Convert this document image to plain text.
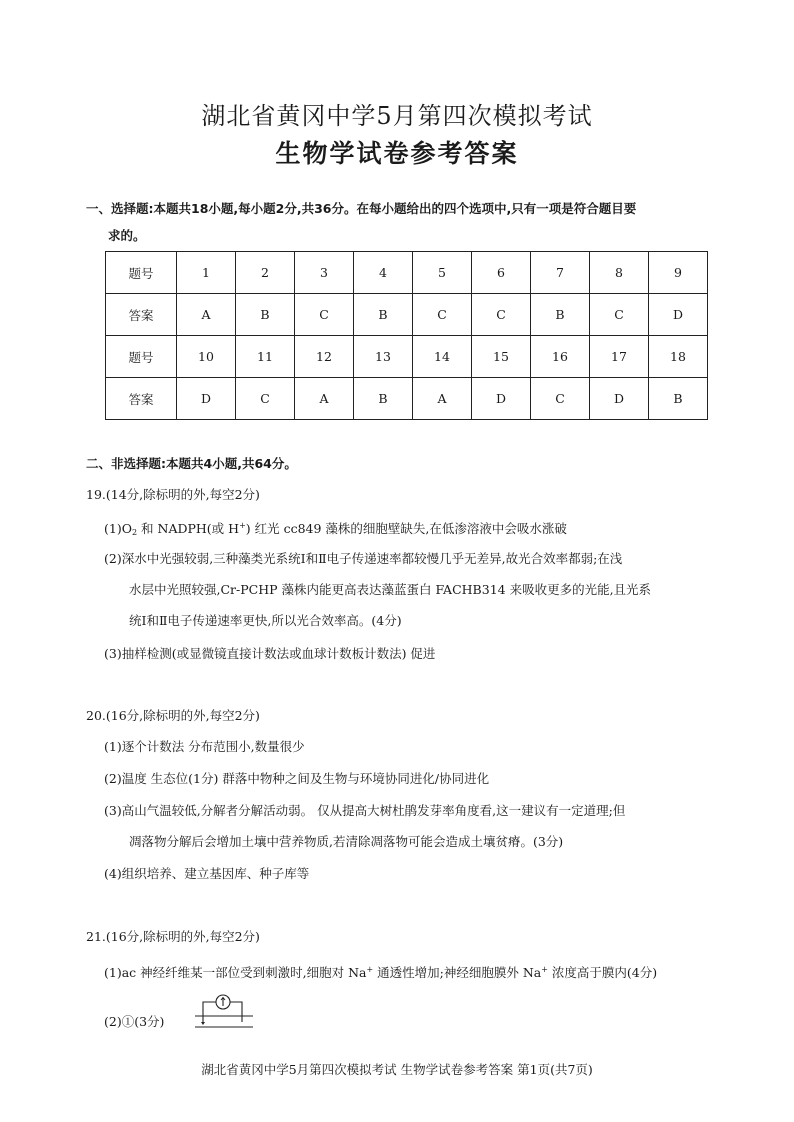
湖北省黄冈中学5月第四次模拟考试
生物学试卷参考答案
一、选择题:本题共18小题,每小题2分,共36分。在每小题给出的四个选项中,只有一项是符合题目要
求的。
题号	1	2	3	4	5	6	7	8	9
答案	A	B	C	B	C	C	B	C	D
题号	10	11	12	13	14	15	16	17	18
答案	D	C	A	B	A	D	C	D	B
二、非选择题:本题共4小题,共64分。
19.(14分,除标明的外,每空2分)
$(1)O_2$ 和 NADPH(或 H+) 红光 cc849 藻株的细胞壁缺失,在低渗溶液中会吸水涨破
(2)深水中光强较弱,三种藻类光系统Ⅰ和Ⅱ电子传递速率都较慢几乎无差异,故光合效率都弱;在浅
水层中光照较强,Cr-PCHP 藻株内能更高表达藻蓝蛋白 FACHB314 来吸收更多的光能,且光系
统Ⅰ和Ⅱ电子传递速率更快,所以光合效率高。(4分)
(3)抽样检测(或显微镜直接计数法或血球计数板计数法) 促进
20.(16分,除标明的外,每空2分)
(1)逐个计数法 分布范围小,数量很少
(2)温度 生态位(1分) 群落中物种之间及生物与环境协同进化/协同进化
(3)高山气温较低,分解者分解活动弱。 仅从提高大树杜鹃发芽率角度看,这一建议有一定道理;但
凋落物分解后会增加土壤中营养物质,若清除凋落物可能会造成土壤贫瘠。(3分)
(4)组织培养、建立基因库、种子库等
21.(16分,除标明的外,每空2分)
(1)ac 神经纤维某一部位受到刺激时,细胞对 Na+ 通透性增加;神经细胞膜外 Na+ 浓度高于膜内(4分)
(2)①(3分)
湖北省黄冈中学5月第四次模拟考试 生物学试卷参考答案 第1页(共7页)
